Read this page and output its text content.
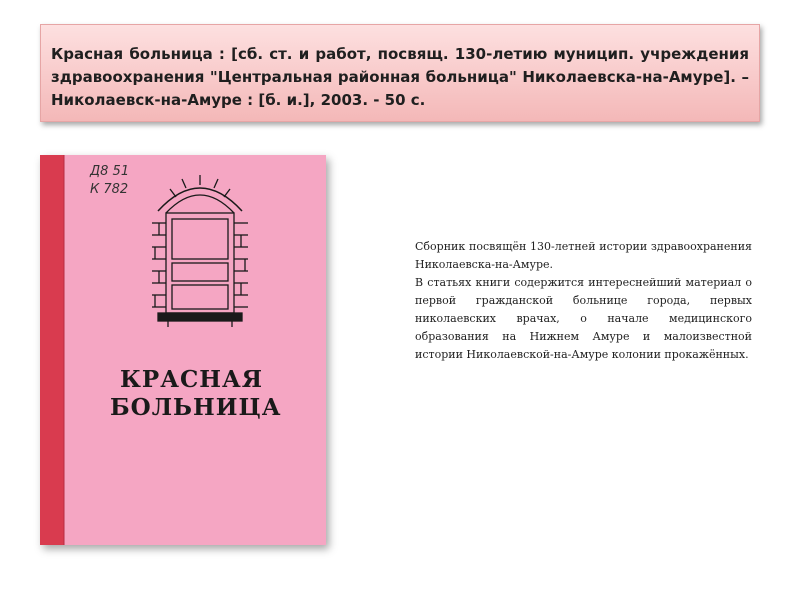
Красная больница : [сб. ст. и работ, посвящ. 130-летию муницип. учреждения здравоохранения "Центральная районная больница" Николаевска-на-Амуре]. – Николаевск-на-Амуре : [б. и.], 2003. - 50 с.

Д8 51
К 782
КРАСНАЯ
БОЛЬНИЦА

Сборник посвящён 130-летней истории здравоохранения Николаевска-на-Амуре.

В статьях книги содержится интереснейший материал о первой гражданской больнице города, первых николаевских врачах, о начале медицинского образования на Нижнем Амуре и малоизвестной истории Николаевской-на-Амуре колонии прокажённых.
